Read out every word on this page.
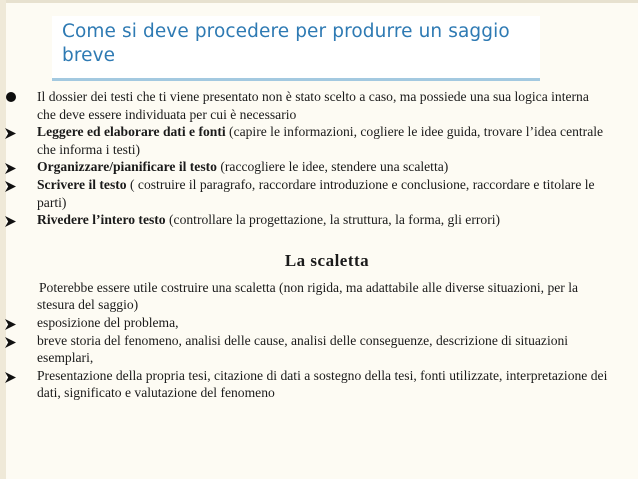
Come si deve procedere per produrre un saggio breve
Il dossier dei testi che ti viene presentato non è stato scelto a caso, ma possiede una sua logica interna che deve essere individuata per cui è necessario
Leggere ed elaborare dati e fonti (capire le informazioni, cogliere le idee guida, trovare l’idea centrale che informa i testi)
Organizzare/pianificare il testo (raccogliere le idee, stendere una scaletta)
Scrivere il testo ( costruire il paragrafo, raccordare introduzione e conclusione, raccordare e titolare le parti)
Rivedere l’intero testo (controllare la progettazione, la struttura, la forma, gli errori)
La scaletta
Poterebbe essere utile costruire una scaletta (non rigida, ma adattabile alle diverse situazioni, per la stesura del saggio)
esposizione del problema,
breve storia del fenomeno, analisi delle cause, analisi delle conseguenze, descrizione di situazioni esemplari,
Presentazione della propria tesi, citazione di dati a sostegno della tesi, fonti utilizzate, interpretazione dei dati, significato e valutazione del fenomeno
